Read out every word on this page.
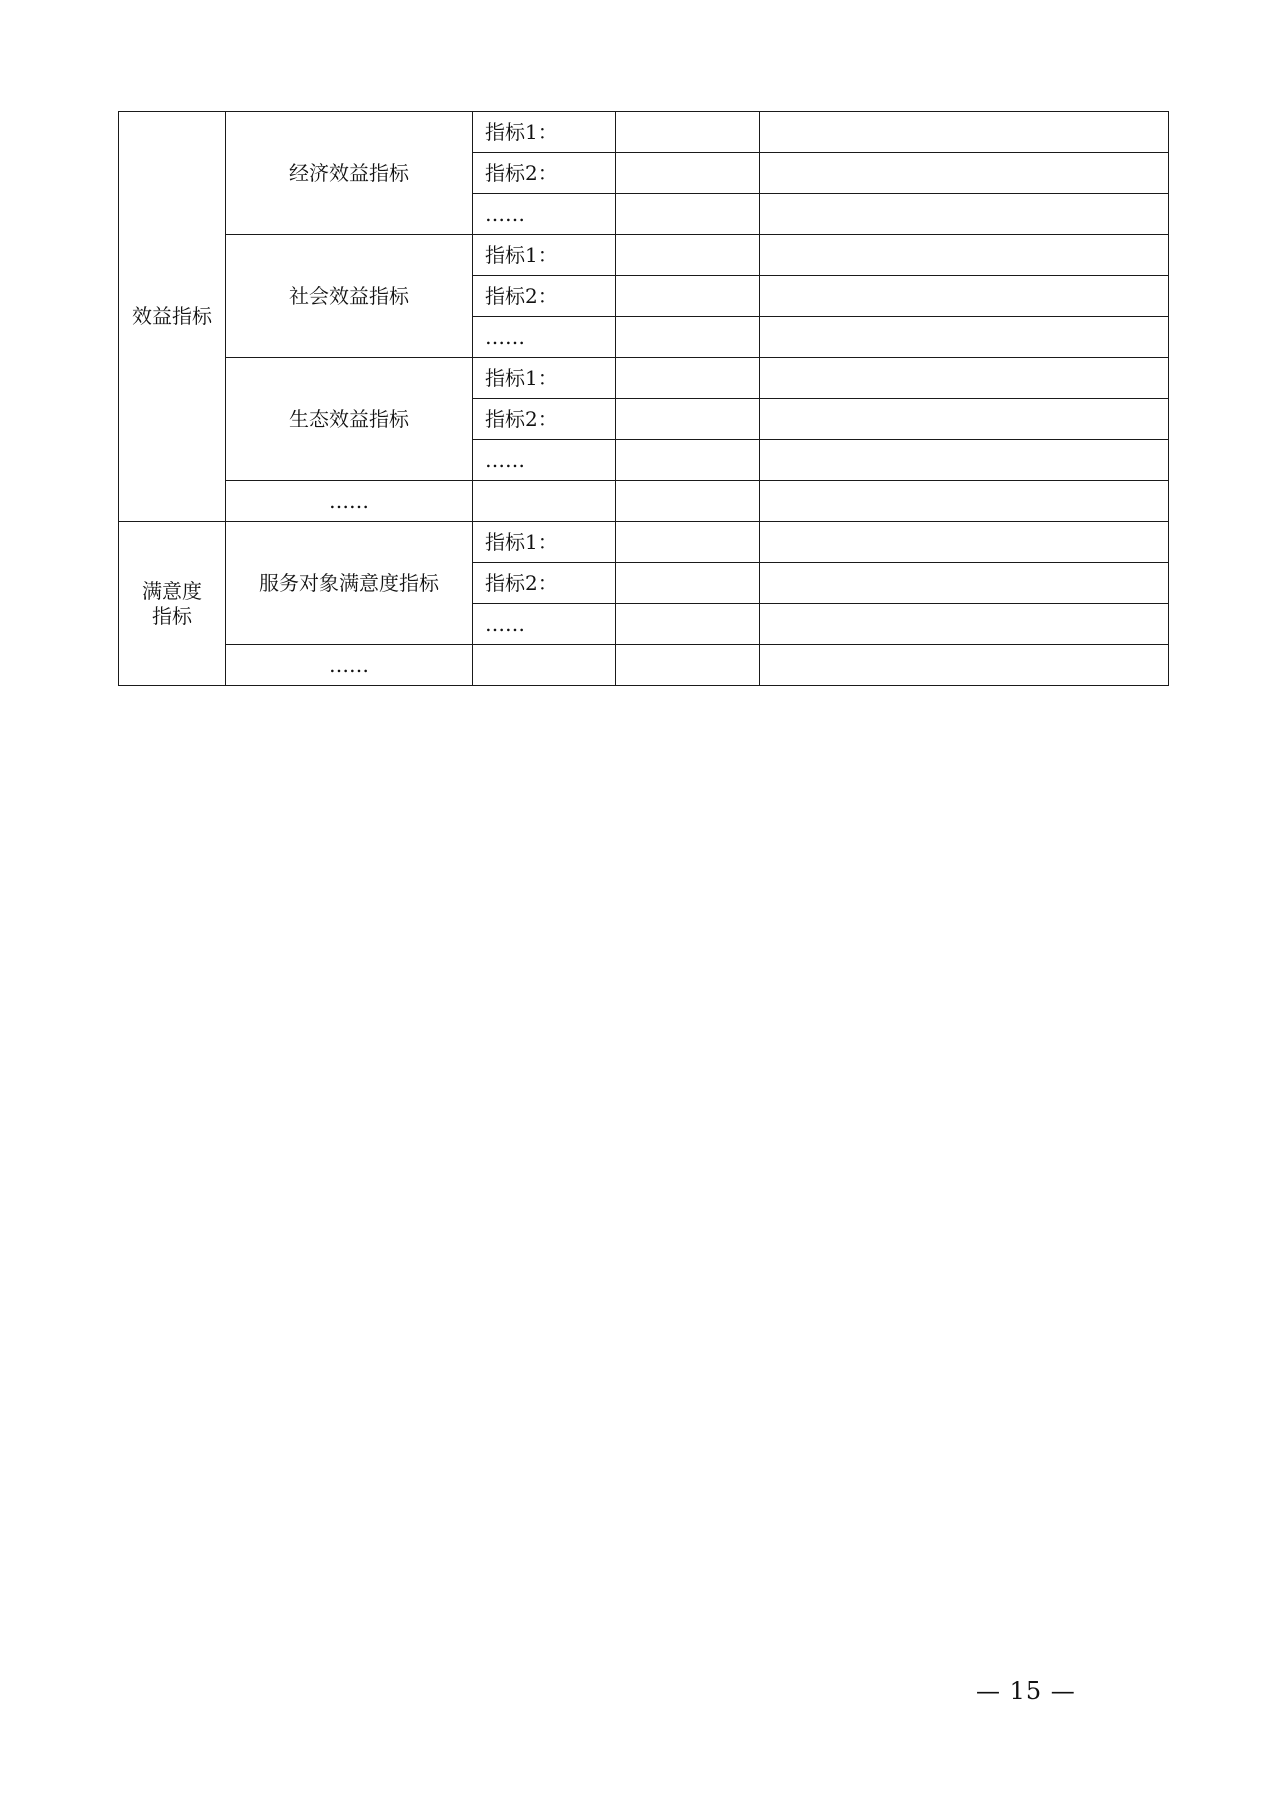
效益指标	经济效益指标	指标1：		
		指标2：		
		……		
	社会效益指标	指标1：		
		指标2：		
		……		
	生态效益指标	指标1：		
		指标2：		
		……		
	……			
满意度
指标	服务对象满意度指标	指标1：		
		指标2：		
		……		
	……			
— 15 —
